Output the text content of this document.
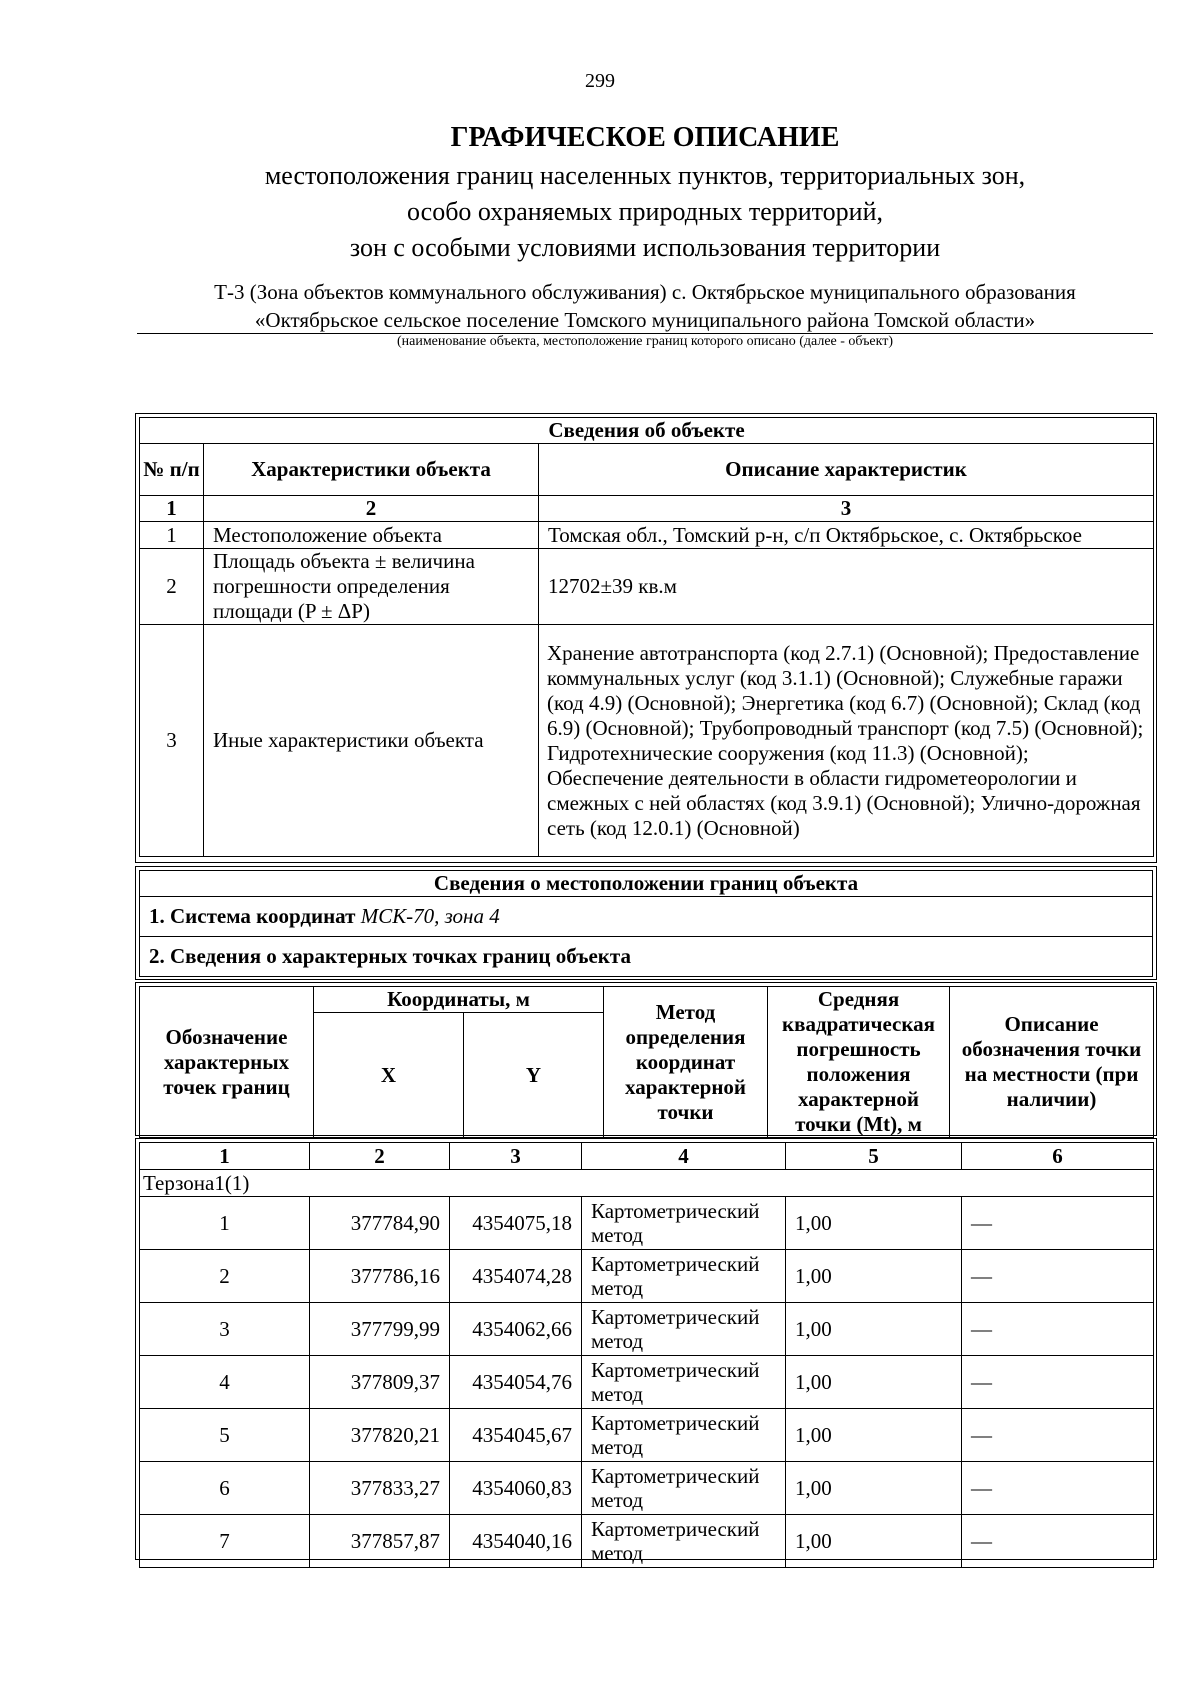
299
ГРАФИЧЕСКОЕ ОПИСАНИЕ
местоположения границ населенных пунктов, территориальных зон,
особо охраняемых природных территорий,
зон с особыми условиями использования территории
Т-3 (Зона объектов коммунального обслуживания) с. Октябрьское муниципального образования
«Октябрьское сельское поселение Томского муниципального района Томской области»
(наименование объекта, местоположение границ которого описано (далее - объект)
Сведения об объекте		
№ п/п	Характеристики объекта	Описание характеристик
1	2	3
1	Местоположение объекта	Томская обл., Томский р-н, с/п Октябрьское, с. Октябрьское
2	Площадь объекта ± величина погрешности определения площади (P ± ΔP)	12702±39 кв.м
3	Иные характеристики объекта	Хранение автотранспорта (код 2.7.1) (Основной); Предоставление коммунальных услуг (код 3.1.1) (Основной); Служебные гаражи (код 4.9) (Основной); Энергетика (код 6.7) (Основной); Склад (код 6.9) (Основной); Трубопроводный транспорт (код 7.5) (Основной); Гидротехнические сооружения (код 11.3) (Основной); Обеспечение деятельности в области гидрометеорологии и смежных с ней областях (код 3.9.1) (Основной); Улично-дорожная сеть (код 12.0.1) (Основной)
Сведения о местоположении границ объекта
1. Система координат МСК-70, зона 4
2. Сведения о характерных точках границ объекта
Обозначение характерных точек границ	Координаты, м		Метод определения координат характерной точки	Средняя квадратическая погрешность положения характерной точки (Mt), м	Описание обозначения точки на местности (при наличии)
	X	Y			
1	2	3	4	5	6
Терзона1(1)					
1	377784,90	4354075,18	Картометрический метод	1,00	—
2	377786,16	4354074,28	Картометрический метод	1,00	—
3	377799,99	4354062,66	Картометрический метод	1,00	—
4	377809,37	4354054,76	Картометрический метод	1,00	—
5	377820,21	4354045,67	Картометрический метод	1,00	—
6	377833,27	4354060,83	Картометрический метод	1,00	—
7	377857,87	4354040,16	Картометрический метод	1,00	—
